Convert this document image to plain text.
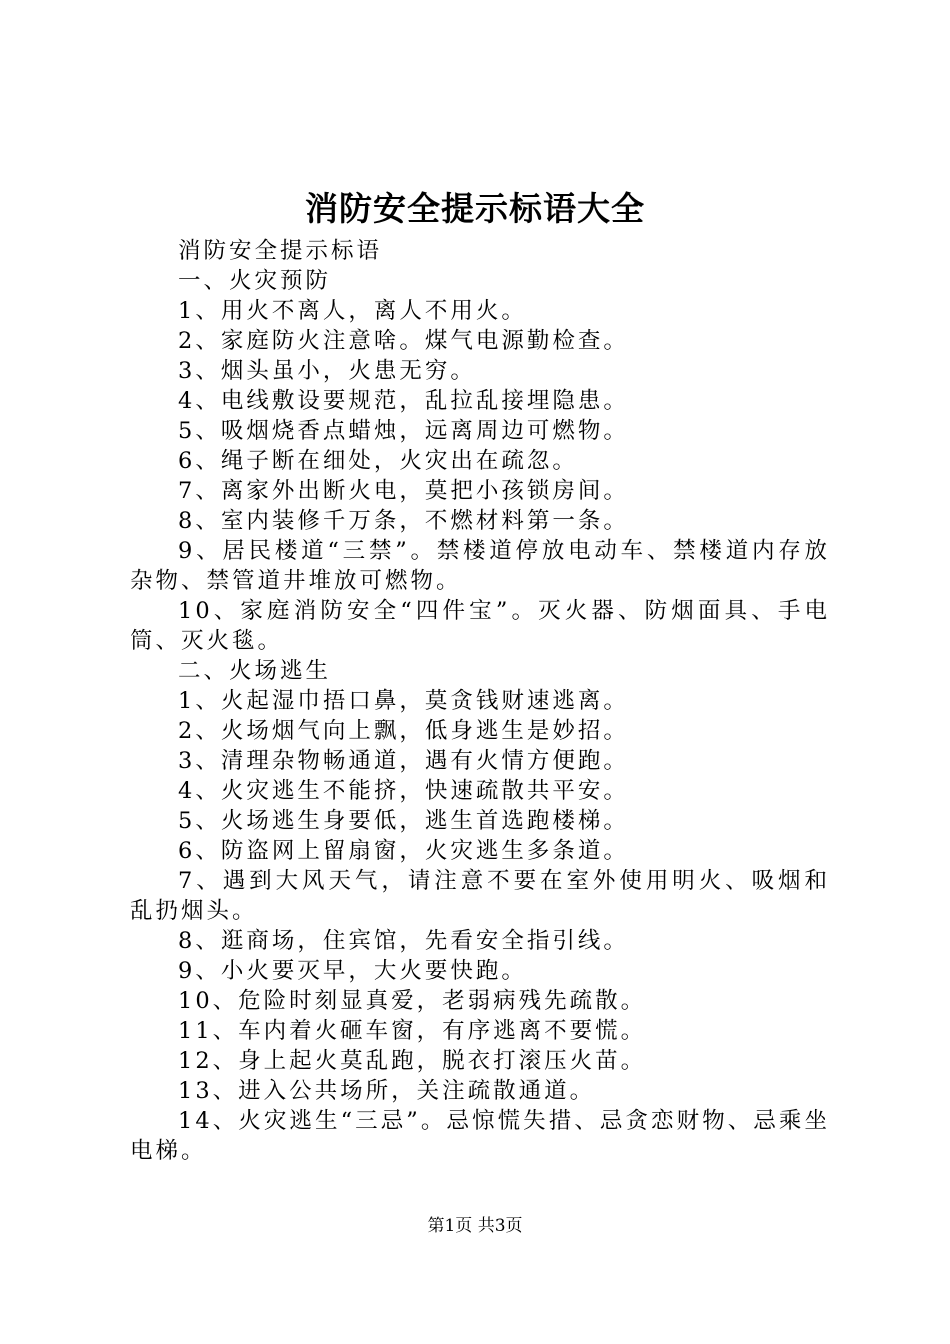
消防安全提示标语大全

消防安全提示标语

一、火灾预防

1、用火不离人，离人不用火。

2、家庭防火注意啥。煤气电源勤检查。

3、烟头虽小，火患无穷。

4、电线敷设要规范，乱拉乱接埋隐患。

5、吸烟烧香点蜡烛，远离周边可燃物。

6、绳子断在细处，火灾出在疏忽。

7、离家外出断火电，莫把小孩锁房间。

8、室内装修千万条，不燃材料第一条。

9、居民楼道“三禁”。禁楼道停放电动车、禁楼道内存放杂物、禁管道井堆放可燃物。

10、家庭消防安全“四件宝”。灭火器、防烟面具、手电筒、灭火毯。

二、火场逃生

1、火起湿巾捂口鼻，莫贪钱财速逃离。

2、火场烟气向上飘，低身逃生是妙招。

3、清理杂物畅通道，遇有火情方便跑。

4、火灾逃生不能挤，快速疏散共平安。

5、火场逃生身要低，逃生首选跑楼梯。

6、防盗网上留扇窗，火灾逃生多条道。

7、遇到大风天气，请注意不要在室外使用明火、吸烟和乱扔烟头。

8、逛商场，住宾馆，先看安全指引线。

9、小火要灭早，大火要快跑。

10、危险时刻显真爱，老弱病残先疏散。

11、车内着火砸车窗，有序逃离不要慌。

12、身上起火莫乱跑，脱衣打滚压火苗。

13、进入公共场所，关注疏散通道。

14、火灾逃生“三忌”。忌惊慌失措、忌贪恋财物、忌乘坐电梯。

第1页 共3页
